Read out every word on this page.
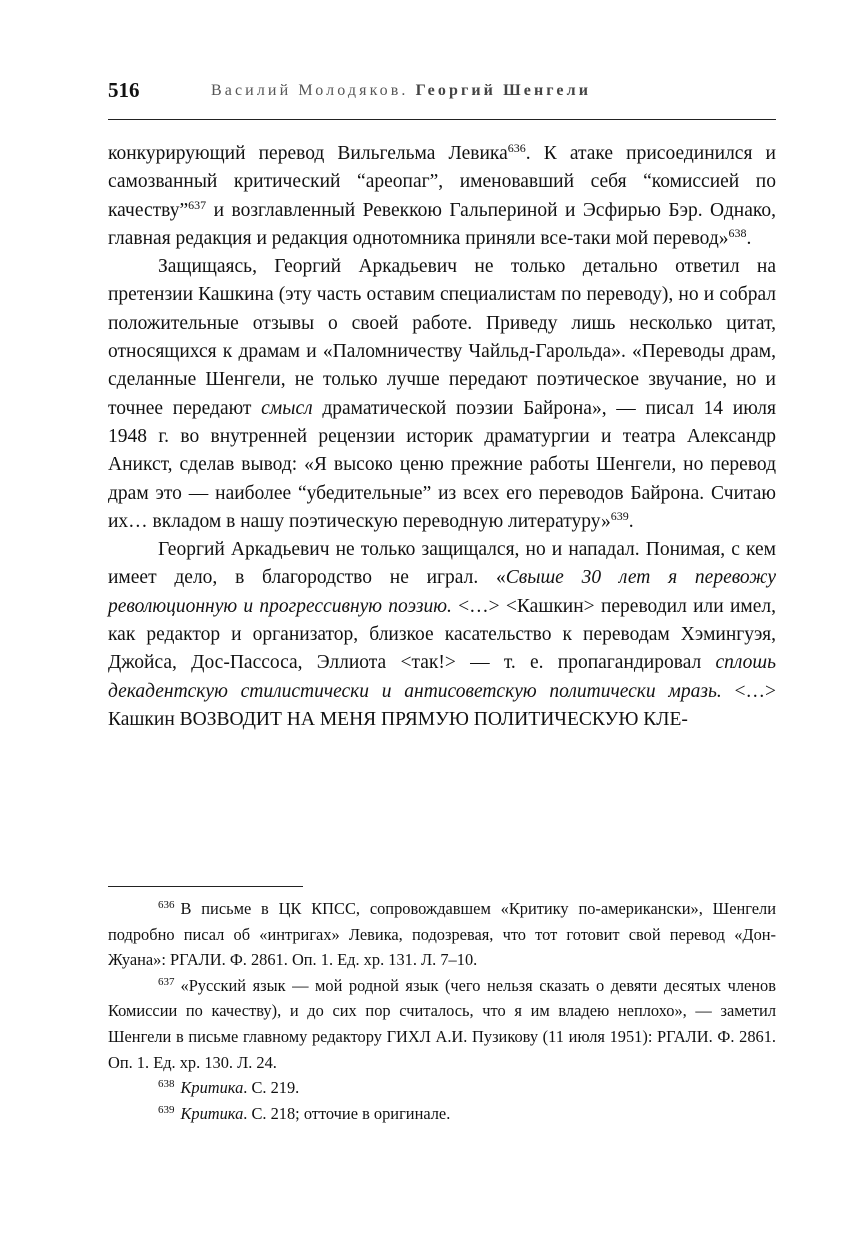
516	Василий Молодяков. Георгий Шенгели

конкурирующий перевод Вильгельма Левика$^{636}$. К атаке присоединился и самозванный критический “ареопаг”, именовавший себя “комиссией по качеству”$^{637}$ и возглавленный Ревеккою Гальпериной и Эсфирью Бэр. Однако, главная редакция и редакция однотомника приняли все-таки мой перевод»$^{638}$.

Защищаясь, Георгий Аркадьевич не только детально ответил на претензии Кашкина (эту часть оставим специалистам по переводу), но и собрал положительные отзывы о своей работе. Приведу лишь несколько цитат, относящихся к драмам и «Паломничеству Чайльд-Гарольда». «Переводы драм, сделанные Шенгели, не только лучше передают поэтическое звучание, но и точнее передают смысл драматической поэзии Байрона», — писал 14 июля 1948 г. во внутренней рецензии историк драматургии и театра Александр Аникст, сделав вывод: «Я высоко ценю прежние работы Шенгели, но перевод драм это — наиболее “убедительные” из всех его переводов Байрона. Считаю их… вкладом в нашу поэтическую переводную литературу»$^{639}$.

Георгий Аркадьевич не только защищался, но и нападал. Понимая, с кем имеет дело, в благородство не играл. «Свыше 30 лет я перевожу революционную и прогрессивную поэзию. <…> <Кашкин> переводил или имел, как редактор и организатор, близкое касательство к переводам Хэмингуэя, Джойса, Дос-Пассоса, Эллиота <так!> — т. е. пропагандировал сплошь декадентскую стилистически и антисоветскую политически мразь. <…> Кашкин ВОЗВОДИТ НА МЕНЯ ПРЯМУЮ ПОЛИТИЧЕСКУЮ КЛЕ-

$^{636}$ В письме в ЦК КПСС, сопровождавшем «Критику по-американски», Шенгели подробно писал об «интригах» Левика, подозревая, что тот готовит свой перевод «Дон-Жуана»: РГАЛИ. Ф. 2861. Оп. 1. Ед. хр. 131. Л. 7–10.

$^{637}$ «Русский язык — мой родной язык (чего нельзя сказать о девяти десятых членов Комиссии по качеству), и до сих пор считалось, что я им владею неплохо», — заметил Шенгели в письме главному редактору ГИХЛ А.И. Пузикову (11 июля 1951): РГАЛИ. Ф. 2861. Оп. 1. Ед. хр. 130. Л. 24.

$^{638}$ Критика. С. 219.

$^{639}$ Критика. С. 218; отточие в оригинале.
